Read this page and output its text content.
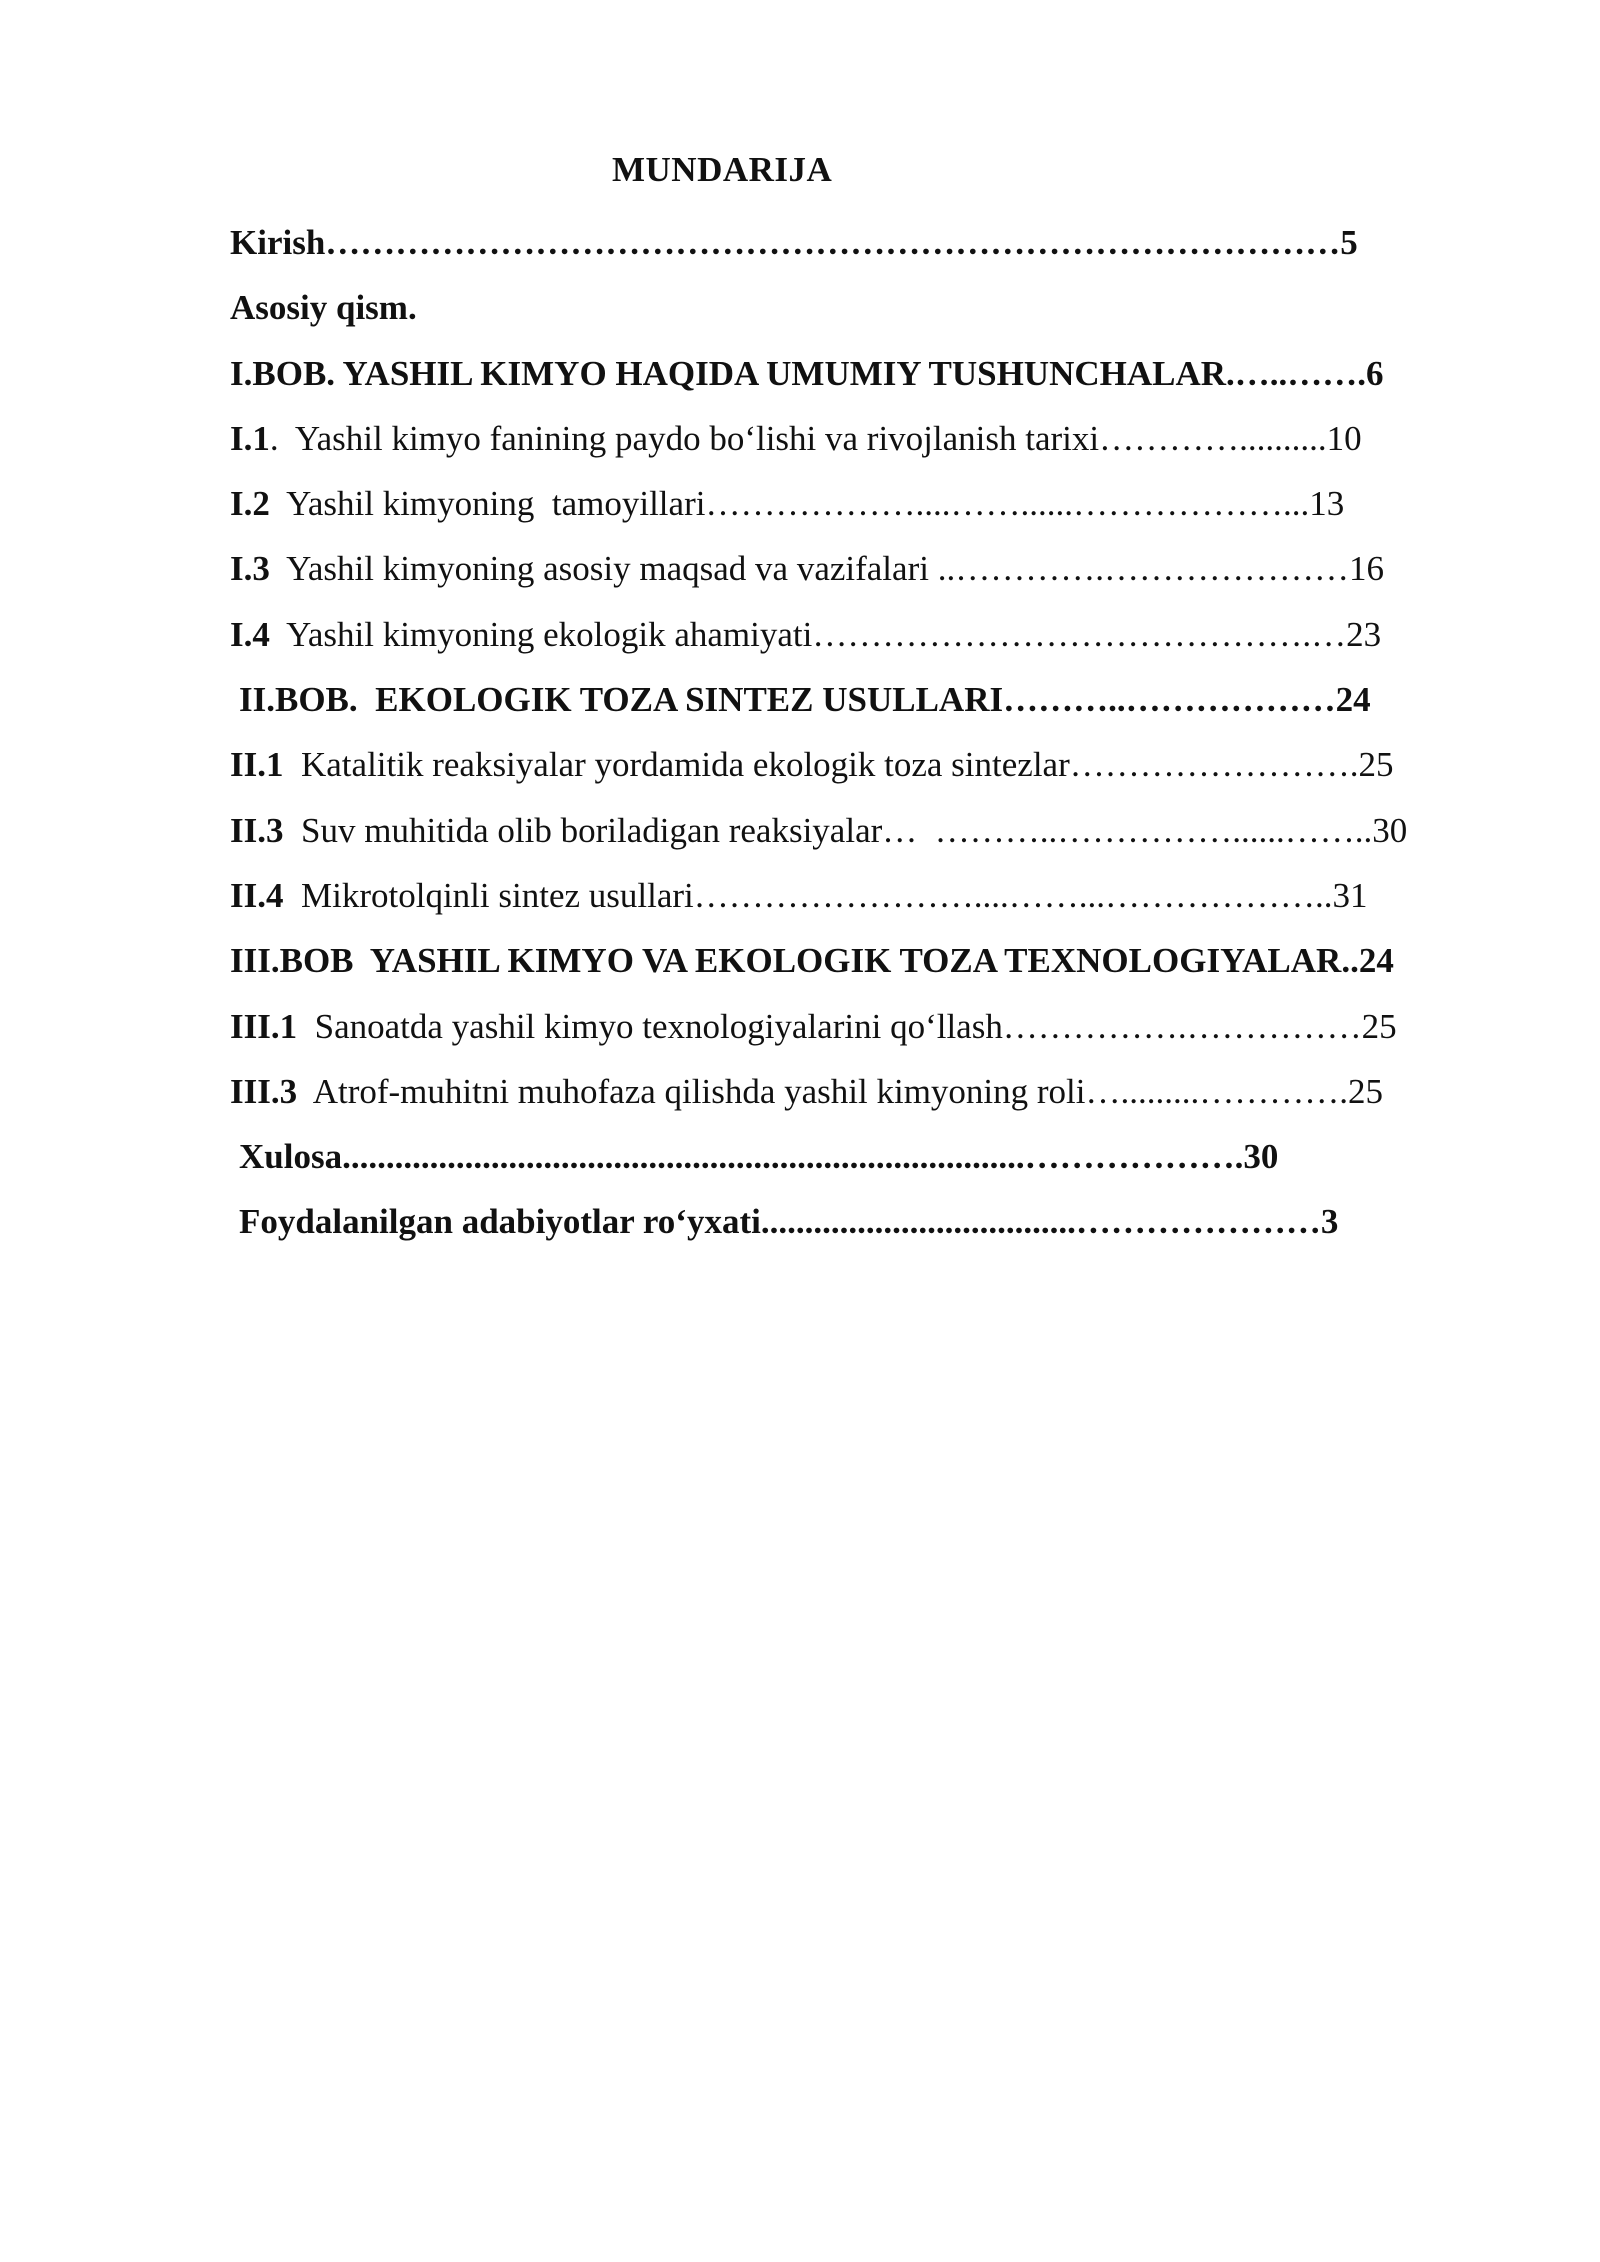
MUNDARIJA
Kirish……………………………………………………………………………5
Asosiy qism.
I.BOB. YASHIL KIMYO HAQIDA UMUMIY TUSHUNCHALAR.…..…….6
I.1.  Yashil kimyo fanining paydo bo‘lishi va rivojlanish tarixi…………..........10
I.2  Yashil kimyoning  tamoyillari………………....……......………………...13
I.3  Yashil kimyoning asosiy maqsad va vazifalari ..………….…………………16
I.4  Yashil kimyoning ekologik ahamiyati…………………………………….…23
II.BOB.  EKOLOGIK TOZA SINTEZ USULLARI………..………………24
II.1  Katalitik reaksiyalar yordamida ekologik toza sintezlar…………………….25
II.3  Suv muhitida olib boriladigan reaksiyalar…  ………..……………......……..30
II.4  Mikrotolqinli sintez usullari……………………....……...………………..31
III.BOB  YASHIL KIMYO VA EKOLOGIK TOZA TEXNOLOGIYALAR..24
III.1  Sanoatda yashil kimyo texnologiyalarini qo‘llash…………….……………25
III.3  Atrof-muhitni muhofaza qilishda yashil kimyoning roli….........………….25
Xulosa..............................................................................……………….30
Foydalanilgan adabiyotlar ro‘yxati....................................…………………3
